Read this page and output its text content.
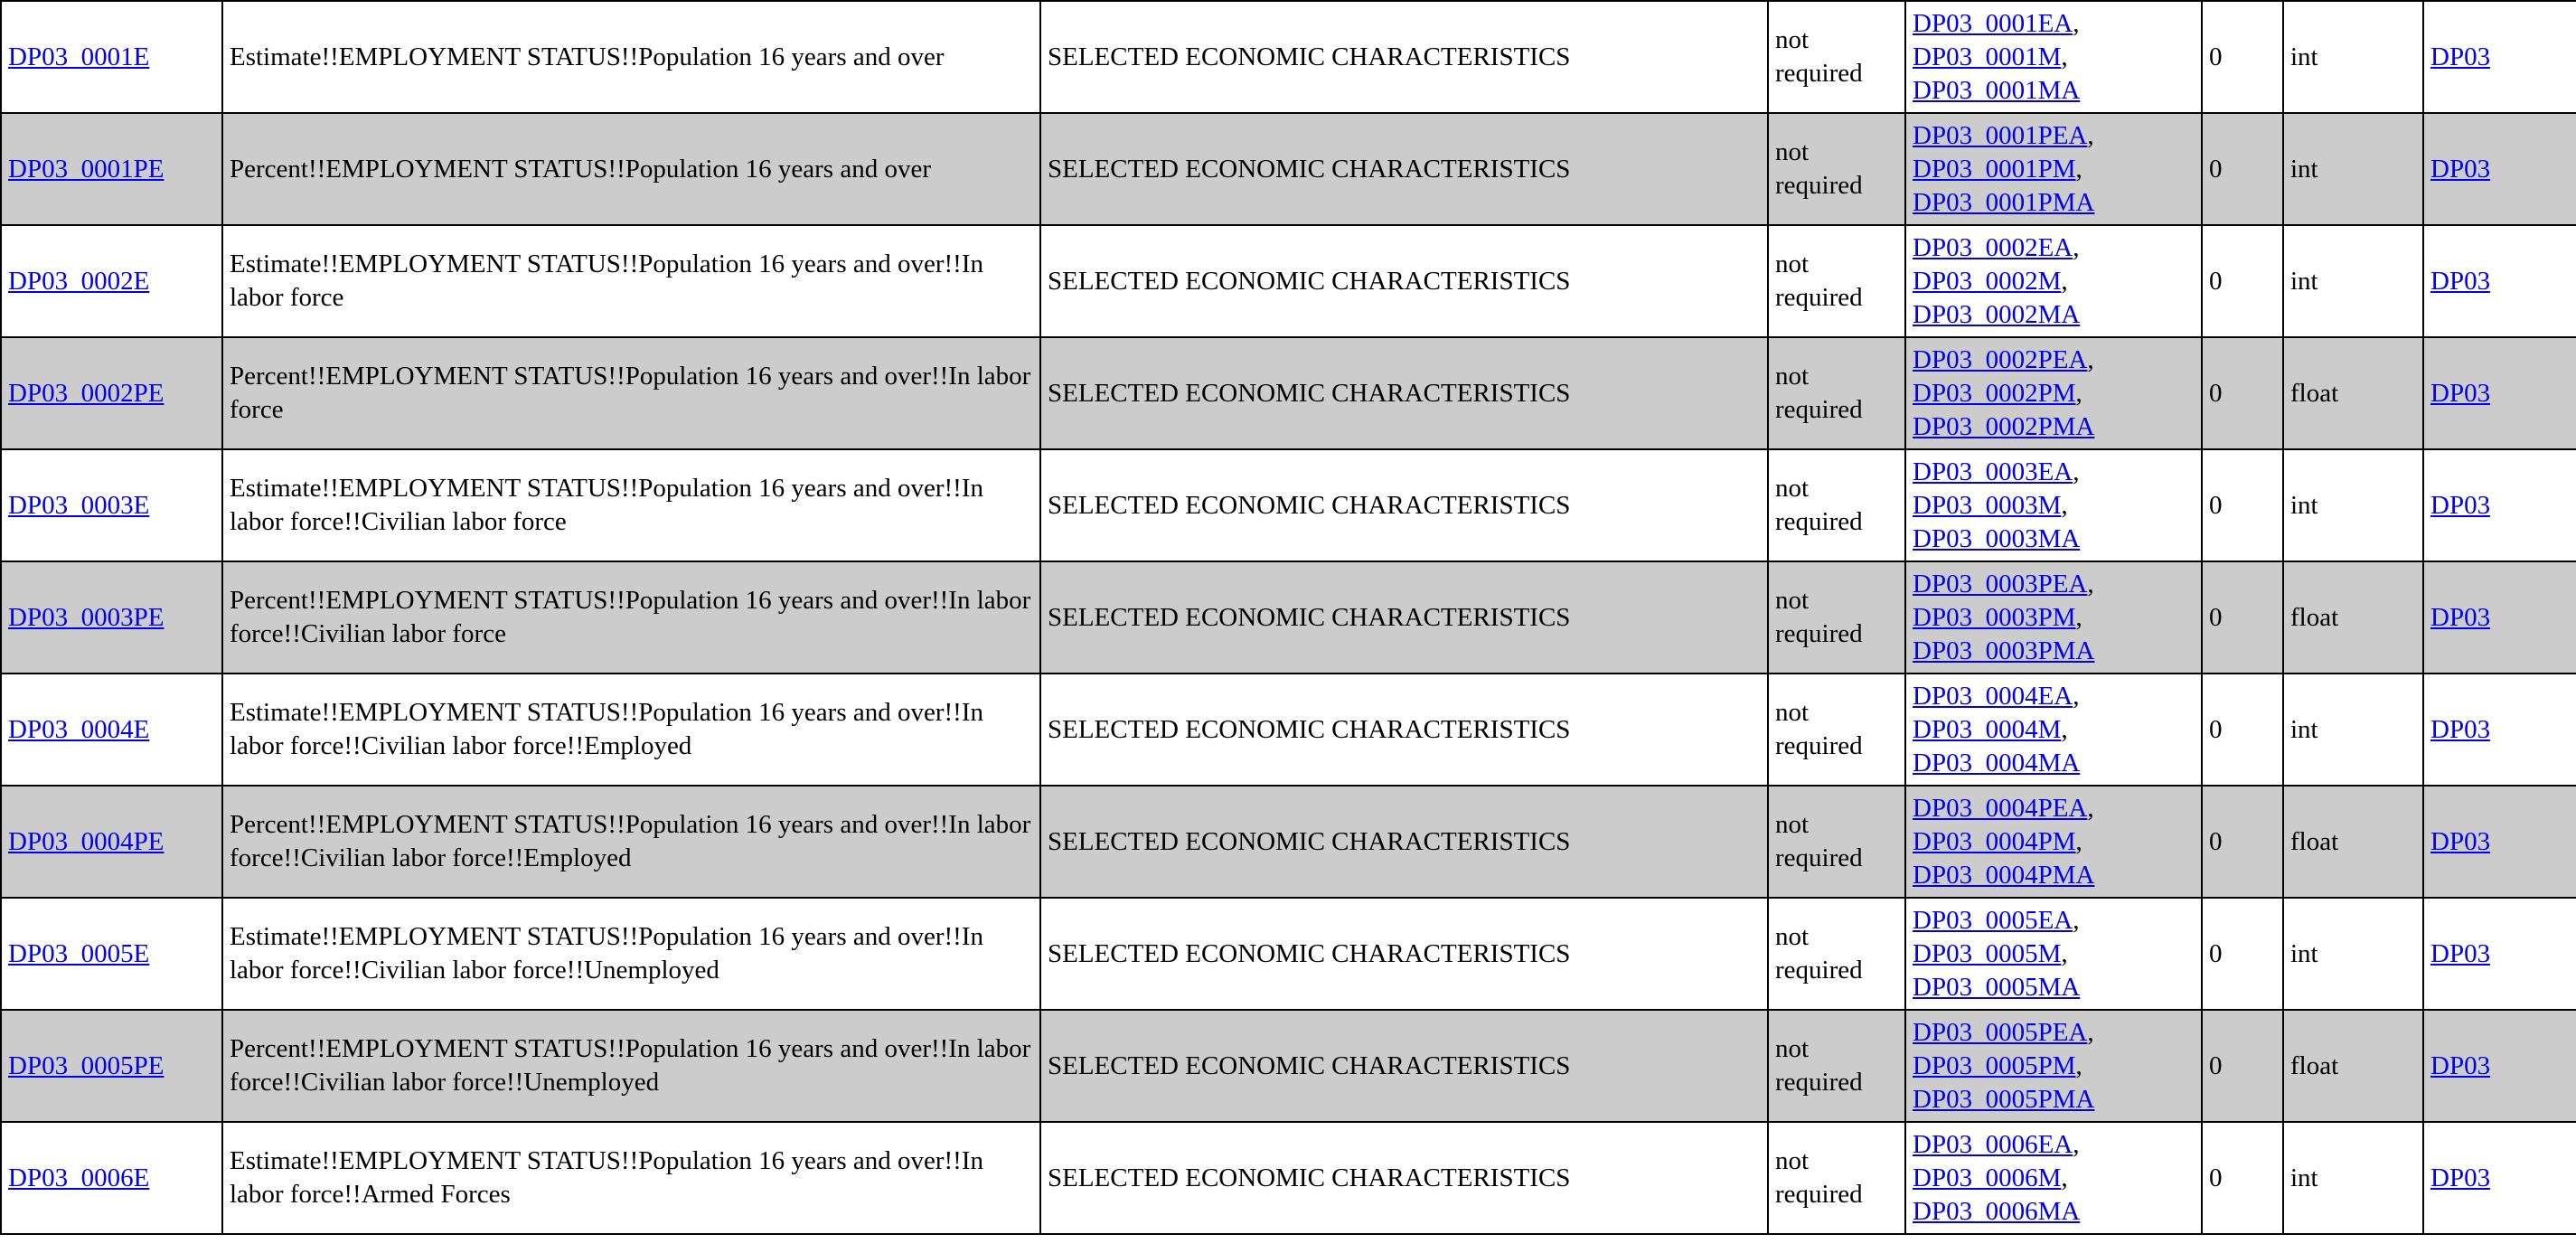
DP03_0001E	Estimate!!EMPLOYMENT STATUS!!Population 16 years and over	SELECTED ECONOMIC CHARACTERISTICS	not required	DP03_0001EA,
DP03_0001M,
DP03_0001MA	0	int	DP03
DP03_0001PE	Percent!!EMPLOYMENT STATUS!!Population 16 years and over	SELECTED ECONOMIC CHARACTERISTICS	not required	DP03_0001PEA,
DP03_0001PM,
DP03_0001PMA	0	int	DP03
DP03_0002E	Estimate!!EMPLOYMENT STATUS!!Population 16 years and over!!In labor force	SELECTED ECONOMIC CHARACTERISTICS	not required	DP03_0002EA,
DP03_0002M,
DP03_0002MA	0	int	DP03
DP03_0002PE	Percent!!EMPLOYMENT STATUS!!Population 16 years and over!!In labor force	SELECTED ECONOMIC CHARACTERISTICS	not required	DP03_0002PEA,
DP03_0002PM,
DP03_0002PMA	0	float	DP03
DP03_0003E	Estimate!!EMPLOYMENT STATUS!!Population 16 years and over!!In labor force!!Civilian labor force	SELECTED ECONOMIC CHARACTERISTICS	not required	DP03_0003EA,
DP03_0003M,
DP03_0003MA	0	int	DP03
DP03_0003PE	Percent!!EMPLOYMENT STATUS!!Population 16 years and over!!In labor force!!Civilian labor force	SELECTED ECONOMIC CHARACTERISTICS	not required	DP03_0003PEA,
DP03_0003PM,
DP03_0003PMA	0	float	DP03
DP03_0004E	Estimate!!EMPLOYMENT STATUS!!Population 16 years and over!!In labor force!!Civilian labor force!!Employed	SELECTED ECONOMIC CHARACTERISTICS	not required	DP03_0004EA,
DP03_0004M,
DP03_0004MA	0	int	DP03
DP03_0004PE	Percent!!EMPLOYMENT STATUS!!Population 16 years and over!!In labor force!!Civilian labor force!!Employed	SELECTED ECONOMIC CHARACTERISTICS	not required	DP03_0004PEA,
DP03_0004PM,
DP03_0004PMA	0	float	DP03
DP03_0005E	Estimate!!EMPLOYMENT STATUS!!Population 16 years and over!!In labor force!!Civilian labor force!!Unemployed	SELECTED ECONOMIC CHARACTERISTICS	not required	DP03_0005EA,
DP03_0005M,
DP03_0005MA	0	int	DP03
DP03_0005PE	Percent!!EMPLOYMENT STATUS!!Population 16 years and over!!In labor force!!Civilian labor force!!Unemployed	SELECTED ECONOMIC CHARACTERISTICS	not required	DP03_0005PEA,
DP03_0005PM,
DP03_0005PMA	0	float	DP03
DP03_0006E	Estimate!!EMPLOYMENT STATUS!!Population 16 years and over!!In labor force!!Armed Forces	SELECTED ECONOMIC CHARACTERISTICS	not required	DP03_0006EA,
DP03_0006M,
DP03_0006MA	0	int	DP03
